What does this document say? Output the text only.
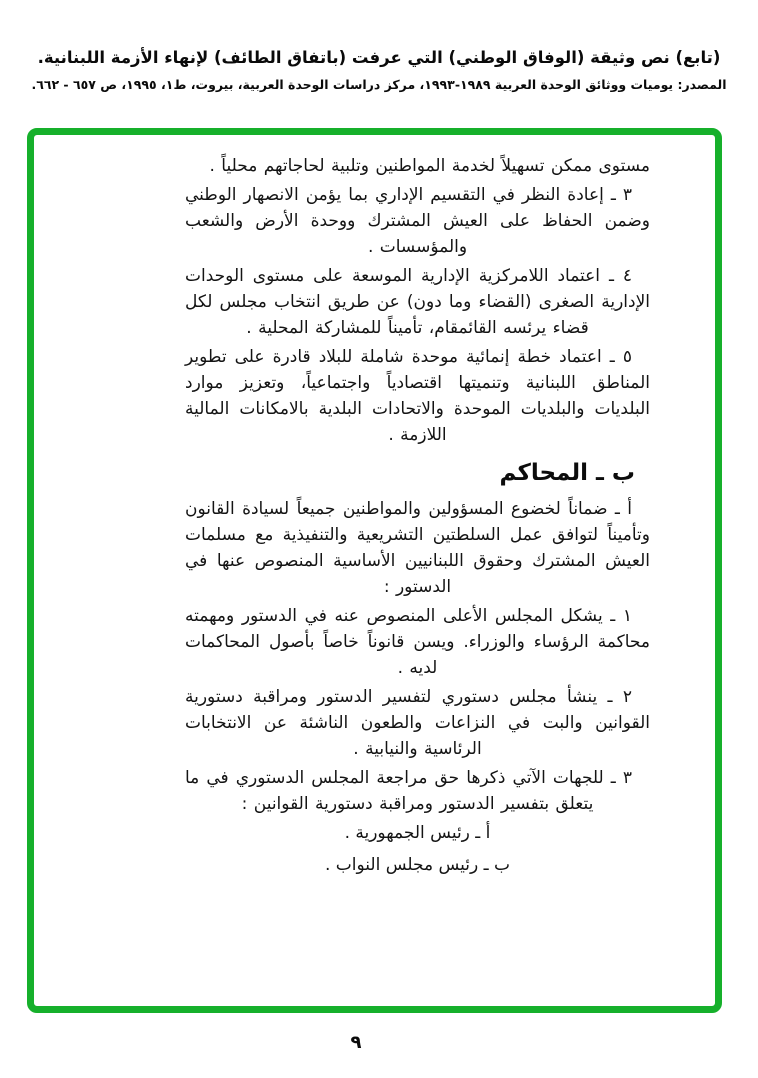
(تابع) نص وثيقة (الوفاق الوطني) التي عرفت (باتفاق الطائف) لإنهاء الأزمة اللبنانية.
المصدر: يوميات ووثائق الوحدة العربية ١٩٨٩-١٩٩٣، مركز دراسات الوحدة العربية، بيروت، ط١، ١٩٩٥، ص ٦٥٧ - ٦٦٢.

مستوى ممكن تسهيلاً لخدمة المواطنين وتلبية لحاجاتهم محلياً .

٣ ـ إعادة النظر في التقسيم الإداري بما يؤمن الانصهار الوطني وضمن الحفاظ على العيش المشترك ووحدة الأرض والشعب والمؤسسات .

٤ ـ اعتماد اللامركزية الإدارية الموسعة على مستوى الوحدات الإدارية الصغرى (القضاء وما دون) عن طريق انتخاب مجلس لكل قضاء يرئسه القائمقام، تأميناً للمشاركة المحلية .

٥ ـ اعتماد خطة إنمائية موحدة شاملة للبلاد قادرة على تطوير المناطق اللبنانية وتنميتها اقتصادياً واجتماعياً، وتعزيز موارد البلديات والبلديات الموحدة والاتحادات البلدية بالامكانات المالية اللازمة .

ب ـ المحاكم

أ ـ ضماناً لخضوع المسؤولين والمواطنين جميعاً لسيادة القانون وتأميناً لتوافق عمل السلطتين التشريعية والتنفيذية مع مسلمات العيش المشترك وحقوق اللبنانيين الأساسية المنصوص عنها في الدستور :

١ ـ يشكل المجلس الأعلى المنصوص عنه في الدستور ومهمته محاكمة الرؤساء والوزراء. ويسن قانوناً خاصاً بأصول المحاكمات لديه .

٢ ـ ينشأ مجلس دستوري لتفسير الدستور ومراقبة دستورية القوانين والبت في النزاعات والطعون الناشئة عن الانتخابات الرئاسية والنيابية .

٣ ـ للجهات الآتي ذكرها حق مراجعة المجلس الدستوري في ما يتعلق بتفسير الدستور ومراقبة دستورية القوانين :

أ ـ رئيس الجمهورية .

ب ـ رئيس مجلس النواب .

٩
